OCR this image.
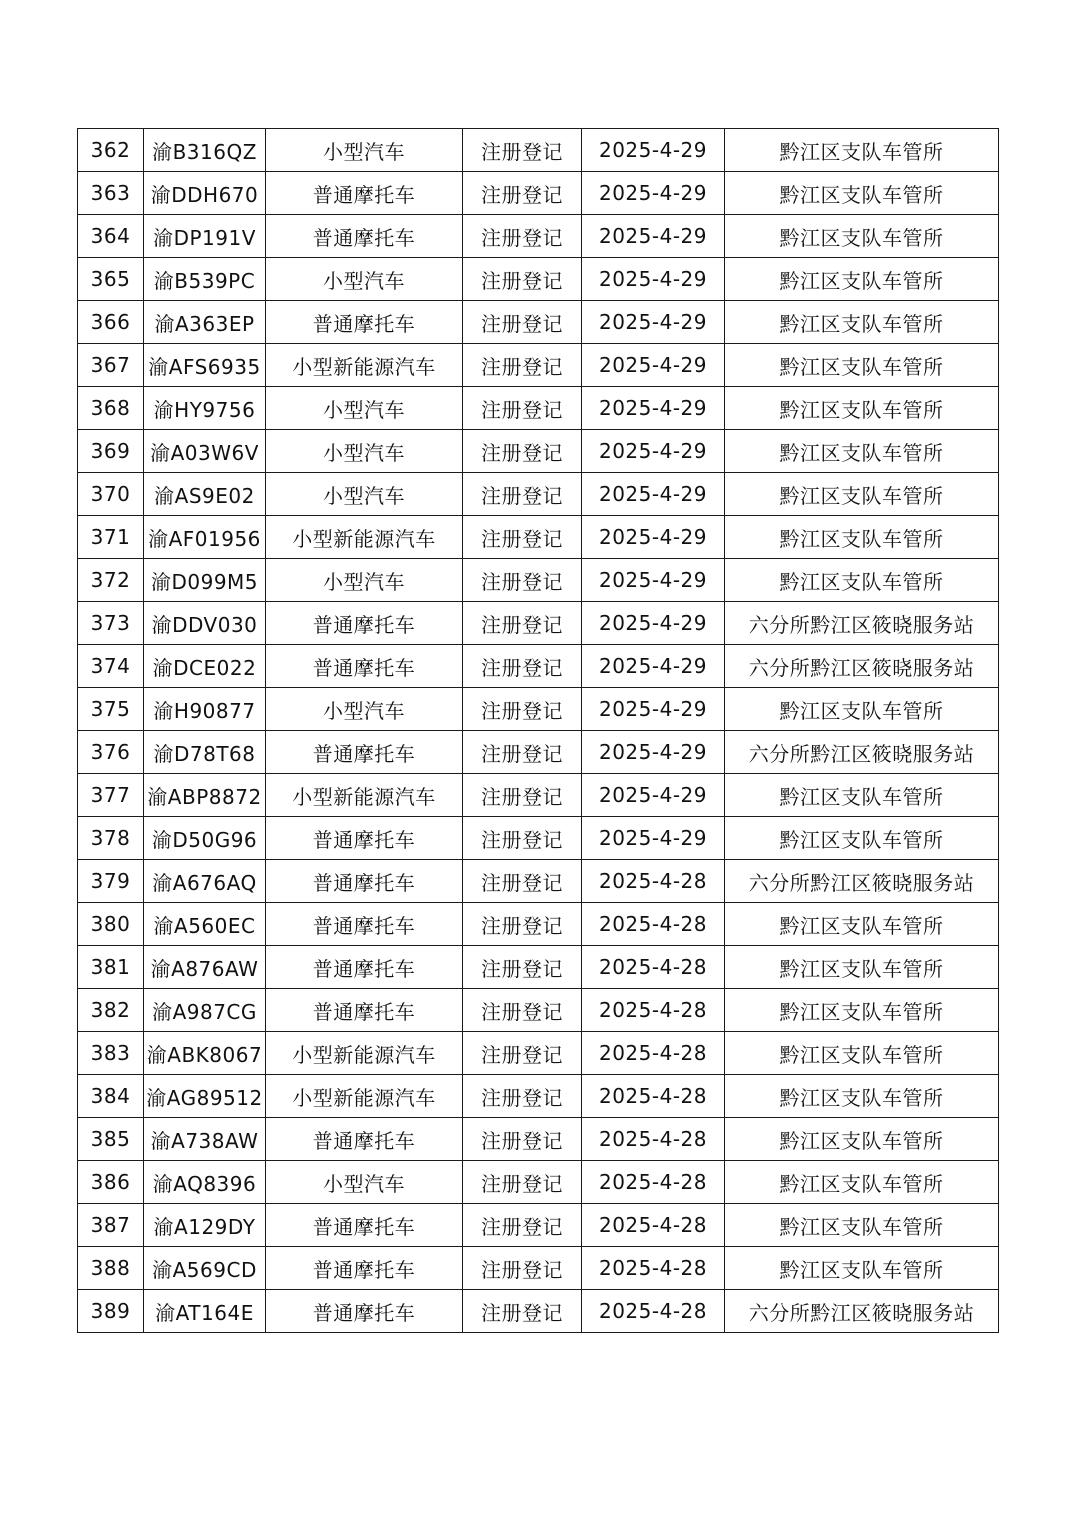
362	渝B316QZ	小型汽车	注册登记	2025-4-29	黔江区支队车管所
363	渝DDH670	普通摩托车	注册登记	2025-4-29	黔江区支队车管所
364	渝DP191V	普通摩托车	注册登记	2025-4-29	黔江区支队车管所
365	渝B539PC	小型汽车	注册登记	2025-4-29	黔江区支队车管所
366	渝A363EP	普通摩托车	注册登记	2025-4-29	黔江区支队车管所
367	渝AFS6935	小型新能源汽车	注册登记	2025-4-29	黔江区支队车管所
368	渝HY9756	小型汽车	注册登记	2025-4-29	黔江区支队车管所
369	渝A03W6V	小型汽车	注册登记	2025-4-29	黔江区支队车管所
370	渝AS9E02	小型汽车	注册登记	2025-4-29	黔江区支队车管所
371	渝AF01956	小型新能源汽车	注册登记	2025-4-29	黔江区支队车管所
372	渝D099M5	小型汽车	注册登记	2025-4-29	黔江区支队车管所
373	渝DDV030	普通摩托车	注册登记	2025-4-29	六分所黔江区筱晓服务站
374	渝DCE022	普通摩托车	注册登记	2025-4-29	六分所黔江区筱晓服务站
375	渝H90877	小型汽车	注册登记	2025-4-29	黔江区支队车管所
376	渝D78T68	普通摩托车	注册登记	2025-4-29	六分所黔江区筱晓服务站
377	渝ABP8872	小型新能源汽车	注册登记	2025-4-29	黔江区支队车管所
378	渝D50G96	普通摩托车	注册登记	2025-4-29	黔江区支队车管所
379	渝A676AQ	普通摩托车	注册登记	2025-4-28	六分所黔江区筱晓服务站
380	渝A560EC	普通摩托车	注册登记	2025-4-28	黔江区支队车管所
381	渝A876AW	普通摩托车	注册登记	2025-4-28	黔江区支队车管所
382	渝A987CG	普通摩托车	注册登记	2025-4-28	黔江区支队车管所
383	渝ABK8067	小型新能源汽车	注册登记	2025-4-28	黔江区支队车管所
384	渝AG89512	小型新能源汽车	注册登记	2025-4-28	黔江区支队车管所
385	渝A738AW	普通摩托车	注册登记	2025-4-28	黔江区支队车管所
386	渝AQ8396	小型汽车	注册登记	2025-4-28	黔江区支队车管所
387	渝A129DY	普通摩托车	注册登记	2025-4-28	黔江区支队车管所
388	渝A569CD	普通摩托车	注册登记	2025-4-28	黔江区支队车管所
389	渝AT164E	普通摩托车	注册登记	2025-4-28	六分所黔江区筱晓服务站
